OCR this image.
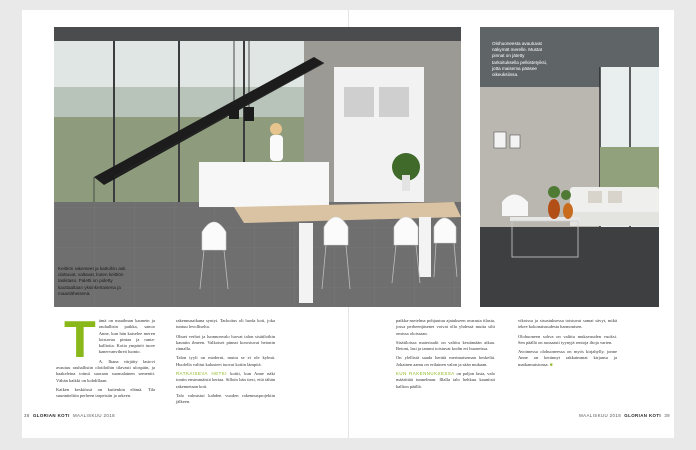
Keittiön rakenteet ja kattoihin asti ulottuvat, valtavat, kuten keittiön taskitaso. Paletti on pidetty kauttaaltaan yksinkertaisena ja maanläheisenä.
Olohuoneesta avautuvat näkymät merelle. Mustat pinnat on jätetty tarkoituksella pelkistetyiksi, jotta maisema pääsee oikeuksiinsa.
T ämä on maailman kaunein ja rauhallisin paikka, sanoo Anne, kun hän katselee meren loistavaa pintaa ja ranta-kallioita. Kotia ympäröi tuore kanervanvihreä luonto.

A. Ihana värjätty lasiovi avautuu rauhallisiin olotiloihin tilavasti ulospäin, ja kaakeleina toimii suoraan suomalainen sementti. Vähän kaikki on kohdillaan.

Kaiken keskiössä on kuitenkin elämä. Tila suunniteltiin perheen tarpeisiin ja arkeen.

rakennusaikana syntyi. Tarkoitus oli luoda koti, joka tuntuu levolliselta.

Ohuet verhot ja luonnonvalo luovat talon sisätiloihin kauniin ilmeen. Valkoiset pinnat korostuvat betonin rinnalla.

Talon tyyli on moderni, mutta se ei ole kylmä. Huolella valitut kalusteet tuovat kotiin lämpöä.

RATKAISEVA HETKI koitti, kun Anne näki tontin ensimmäistä kertaa. Silloin hän tiesi, että tähän rakennetaan koti.

Talo valmistui kahden vuoden rakennusprojektin jälkeen.

paikka-asetelma pohjautuu ajatukseen avarasta tilasta, jossa perheenjäsenet voivat olla yhdessä mutta silti omissa oloissaan.

Sisätiloissa materiaalit on valittu kestämään aikaa. Betoni, lasi ja tammi toistuvat kodin eri huoneissa.

On ylellistä saada herätä merimaiseman keskeltä. Jokainen aamu on erilainen valon ja sään mukaan.

KUN RAKENNUKSESSA on paljon lasia, valo määrittää tunnelman. Illalla talo hehkuu kauniisti kallion päällä.

vikoissa ja sisustuksessa toistuvat samat sävyt, mikä tekee kokonaisuudesta harmonisen.

Olohuoneen sohva on valittu mukavuuden vuoksi. Sen päällä on runsaasti tyynyjä rentoja iltoja varten.

Avoimessa olohuoneessa on myös kirjahylly, jonne Anne on kerännyt rakkaimmat kirjansa ja matkamuistonsa. ■

38 GLORIAN KOTI MAALISKUU 2018	MAALISKUU 2018 GLORIAN KOTI 39
